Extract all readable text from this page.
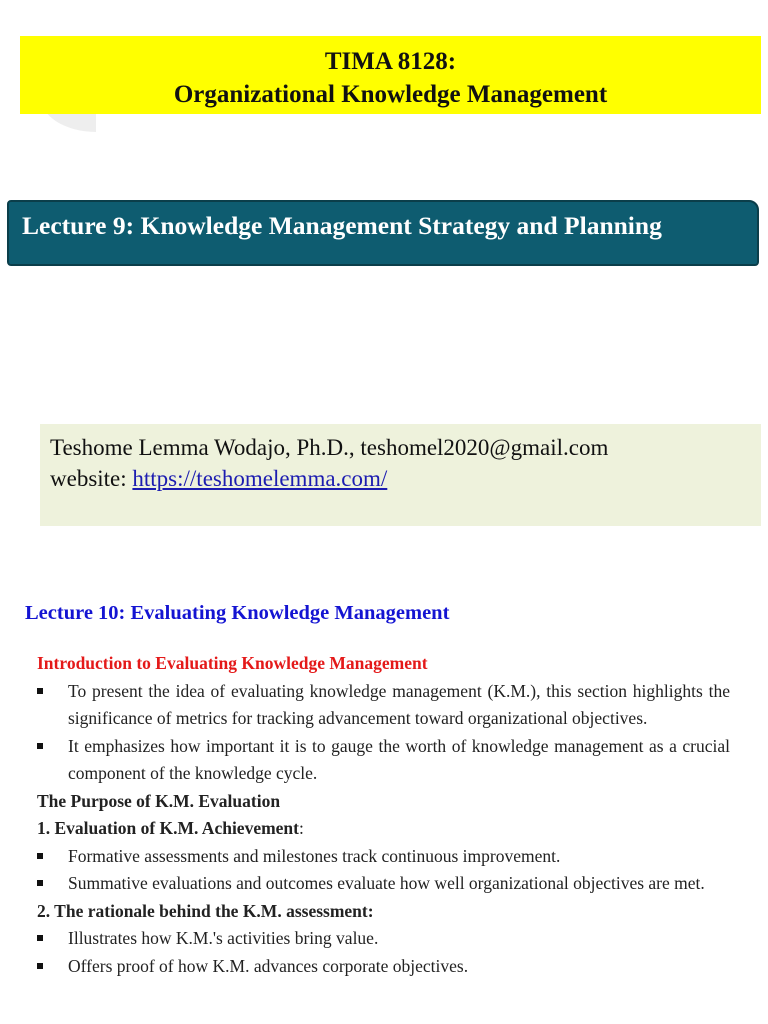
TIMA 8128:
Organizational Knowledge Management
Lecture 9: Knowledge Management Strategy and Planning
Teshome Lemma Wodajo, Ph.D., teshomel2020@gmail.com
website: https://teshomelemma.com/
Lecture 10: Evaluating Knowledge Management
Introduction to Evaluating Knowledge Management
To present the idea of evaluating knowledge management (K.M.), this section highlights the significance of metrics for tracking advancement toward organizational objectives.
It emphasizes how important it is to gauge the worth of knowledge management as a crucial component of the knowledge cycle.
The Purpose of K.M. Evaluation
1. Evaluation of K.M. Achievement:
Formative assessments and milestones track continuous improvement.
Summative evaluations and outcomes evaluate how well organizational objectives are met.
2. The rationale behind the K.M. assessment:
Illustrates how K.M.'s activities bring value.
Offers proof of how K.M. advances corporate objectives.
